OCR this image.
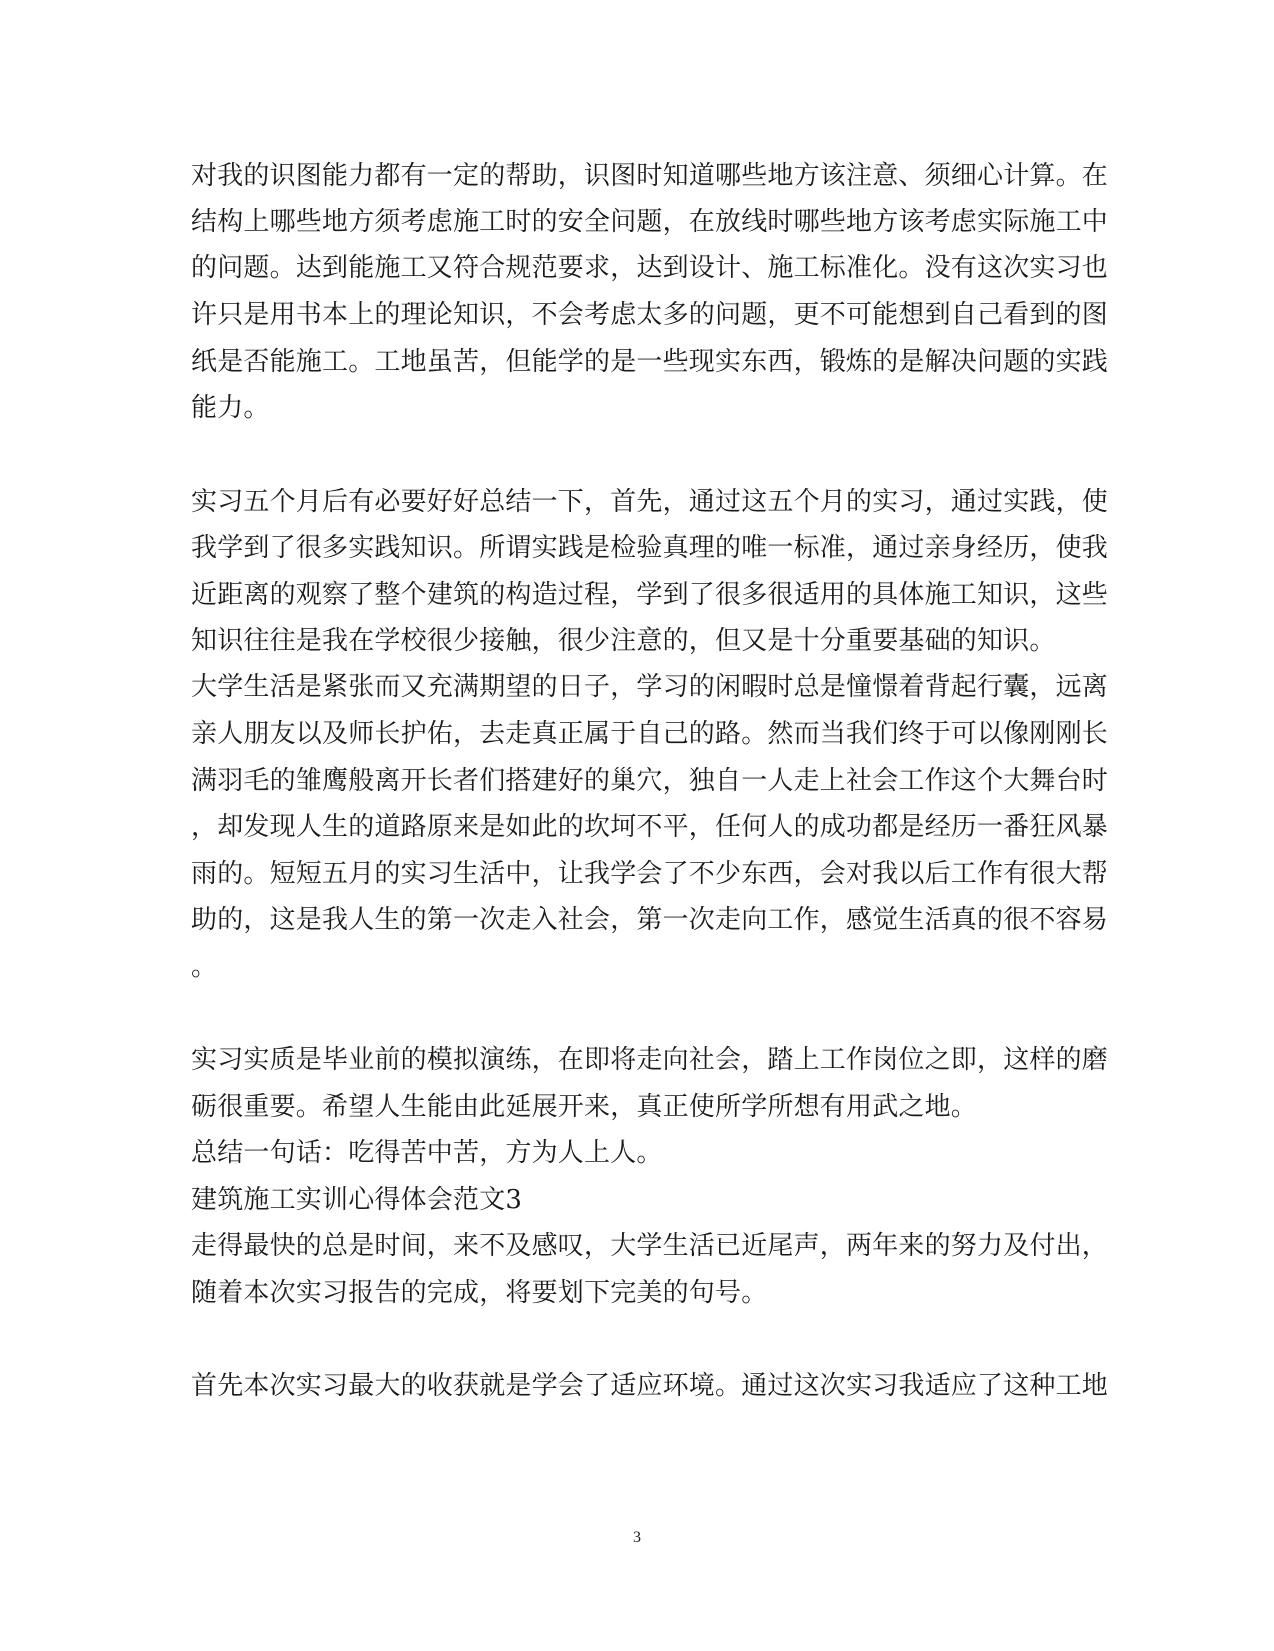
对我的识图能力都有一定的帮助，识图时知道哪些地方该注意、须细心计算。在
结构上哪些地方须考虑施工时的安全问题，在放线时哪些地方该考虑实际施工中
的问题。达到能施工又符合规范要求，达到设计、施工标准化。没有这次实习也
许只是用书本上的理论知识，不会考虑太多的问题，更不可能想到自己看到的图
纸是否能施工。工地虽苦，但能学的是一些现实东西，锻炼的是解决问题的实践
能力。
实习五个月后有必要好好总结一下，首先，通过这五个月的实习，通过实践，使
我学到了很多实践知识。所谓实践是检验真理的唯一标准，通过亲身经历，使我
近距离的观察了整个建筑的构造过程，学到了很多很适用的具体施工知识，这些
知识往往是我在学校很少接触，很少注意的，但又是十分重要基础的知识。
大学生活是紧张而又充满期望的日子，学习的闲暇时总是憧憬着背起行囊，远离
亲人朋友以及师长护佑，去走真正属于自己的路。然而当我们终于可以像刚刚长
满羽毛的雏鹰般离开长者们搭建好的巢穴，独自一人走上社会工作这个大舞台时
，却发现人生的道路原来是如此的坎坷不平，任何人的成功都是经历一番狂风暴
雨的。短短五月的实习生活中，让我学会了不少东西，会对我以后工作有很大帮
助的，这是我人生的第一次走入社会，第一次走向工作，感觉生活真的很不容易
。
实习实质是毕业前的模拟演练，在即将走向社会，踏上工作岗位之即，这样的磨
砺很重要。希望人生能由此延展开来，真正使所学所想有用武之地。
总结一句话：吃得苦中苦，方为人上人。
建筑施工实训心得体会范文3
走得最快的总是时间，来不及感叹，大学生活已近尾声，两年来的努力及付出，
随着本次实习报告的完成，将要划下完美的句号。
首先本次实习最大的收获就是学会了适应环境。通过这次实习我适应了这种工地
3
